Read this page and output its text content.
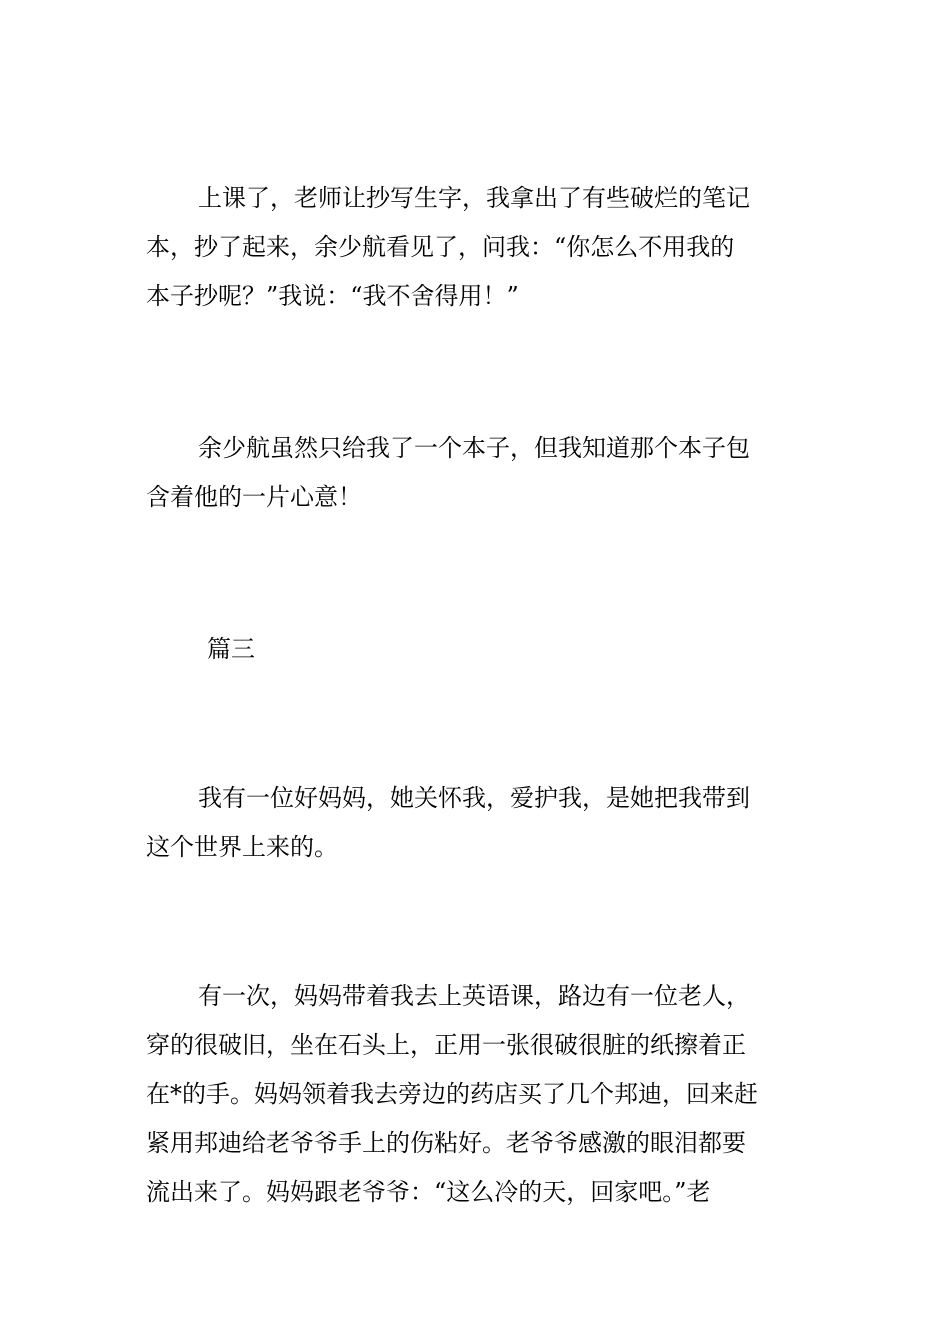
上课了，老师让抄写生字，我拿出了有些破烂的笔记
本，抄了起来，余少航看见了，问我：“你怎么不用我的
本子抄呢？”我说：“我不舍得用！”
余少航虽然只给我了一个本子，但我知道那个本子包
含着他的一片心意！
篇三
我有一位好妈妈，她关怀我，爱护我，是她把我带到
这个世界上来的。
有一次，妈妈带着我去上英语课，路边有一位老人，
穿的很破旧，坐在石头上，正用一张很破很脏的纸擦着正
在*的手。妈妈领着我去旁边的药店买了几个邦迪，回来赶
紧用邦迪给老爷爷手上的伤粘好。老爷爷感激的眼泪都要
流出来了。妈妈跟老爷爷：“这么冷的天，回家吧。”老
